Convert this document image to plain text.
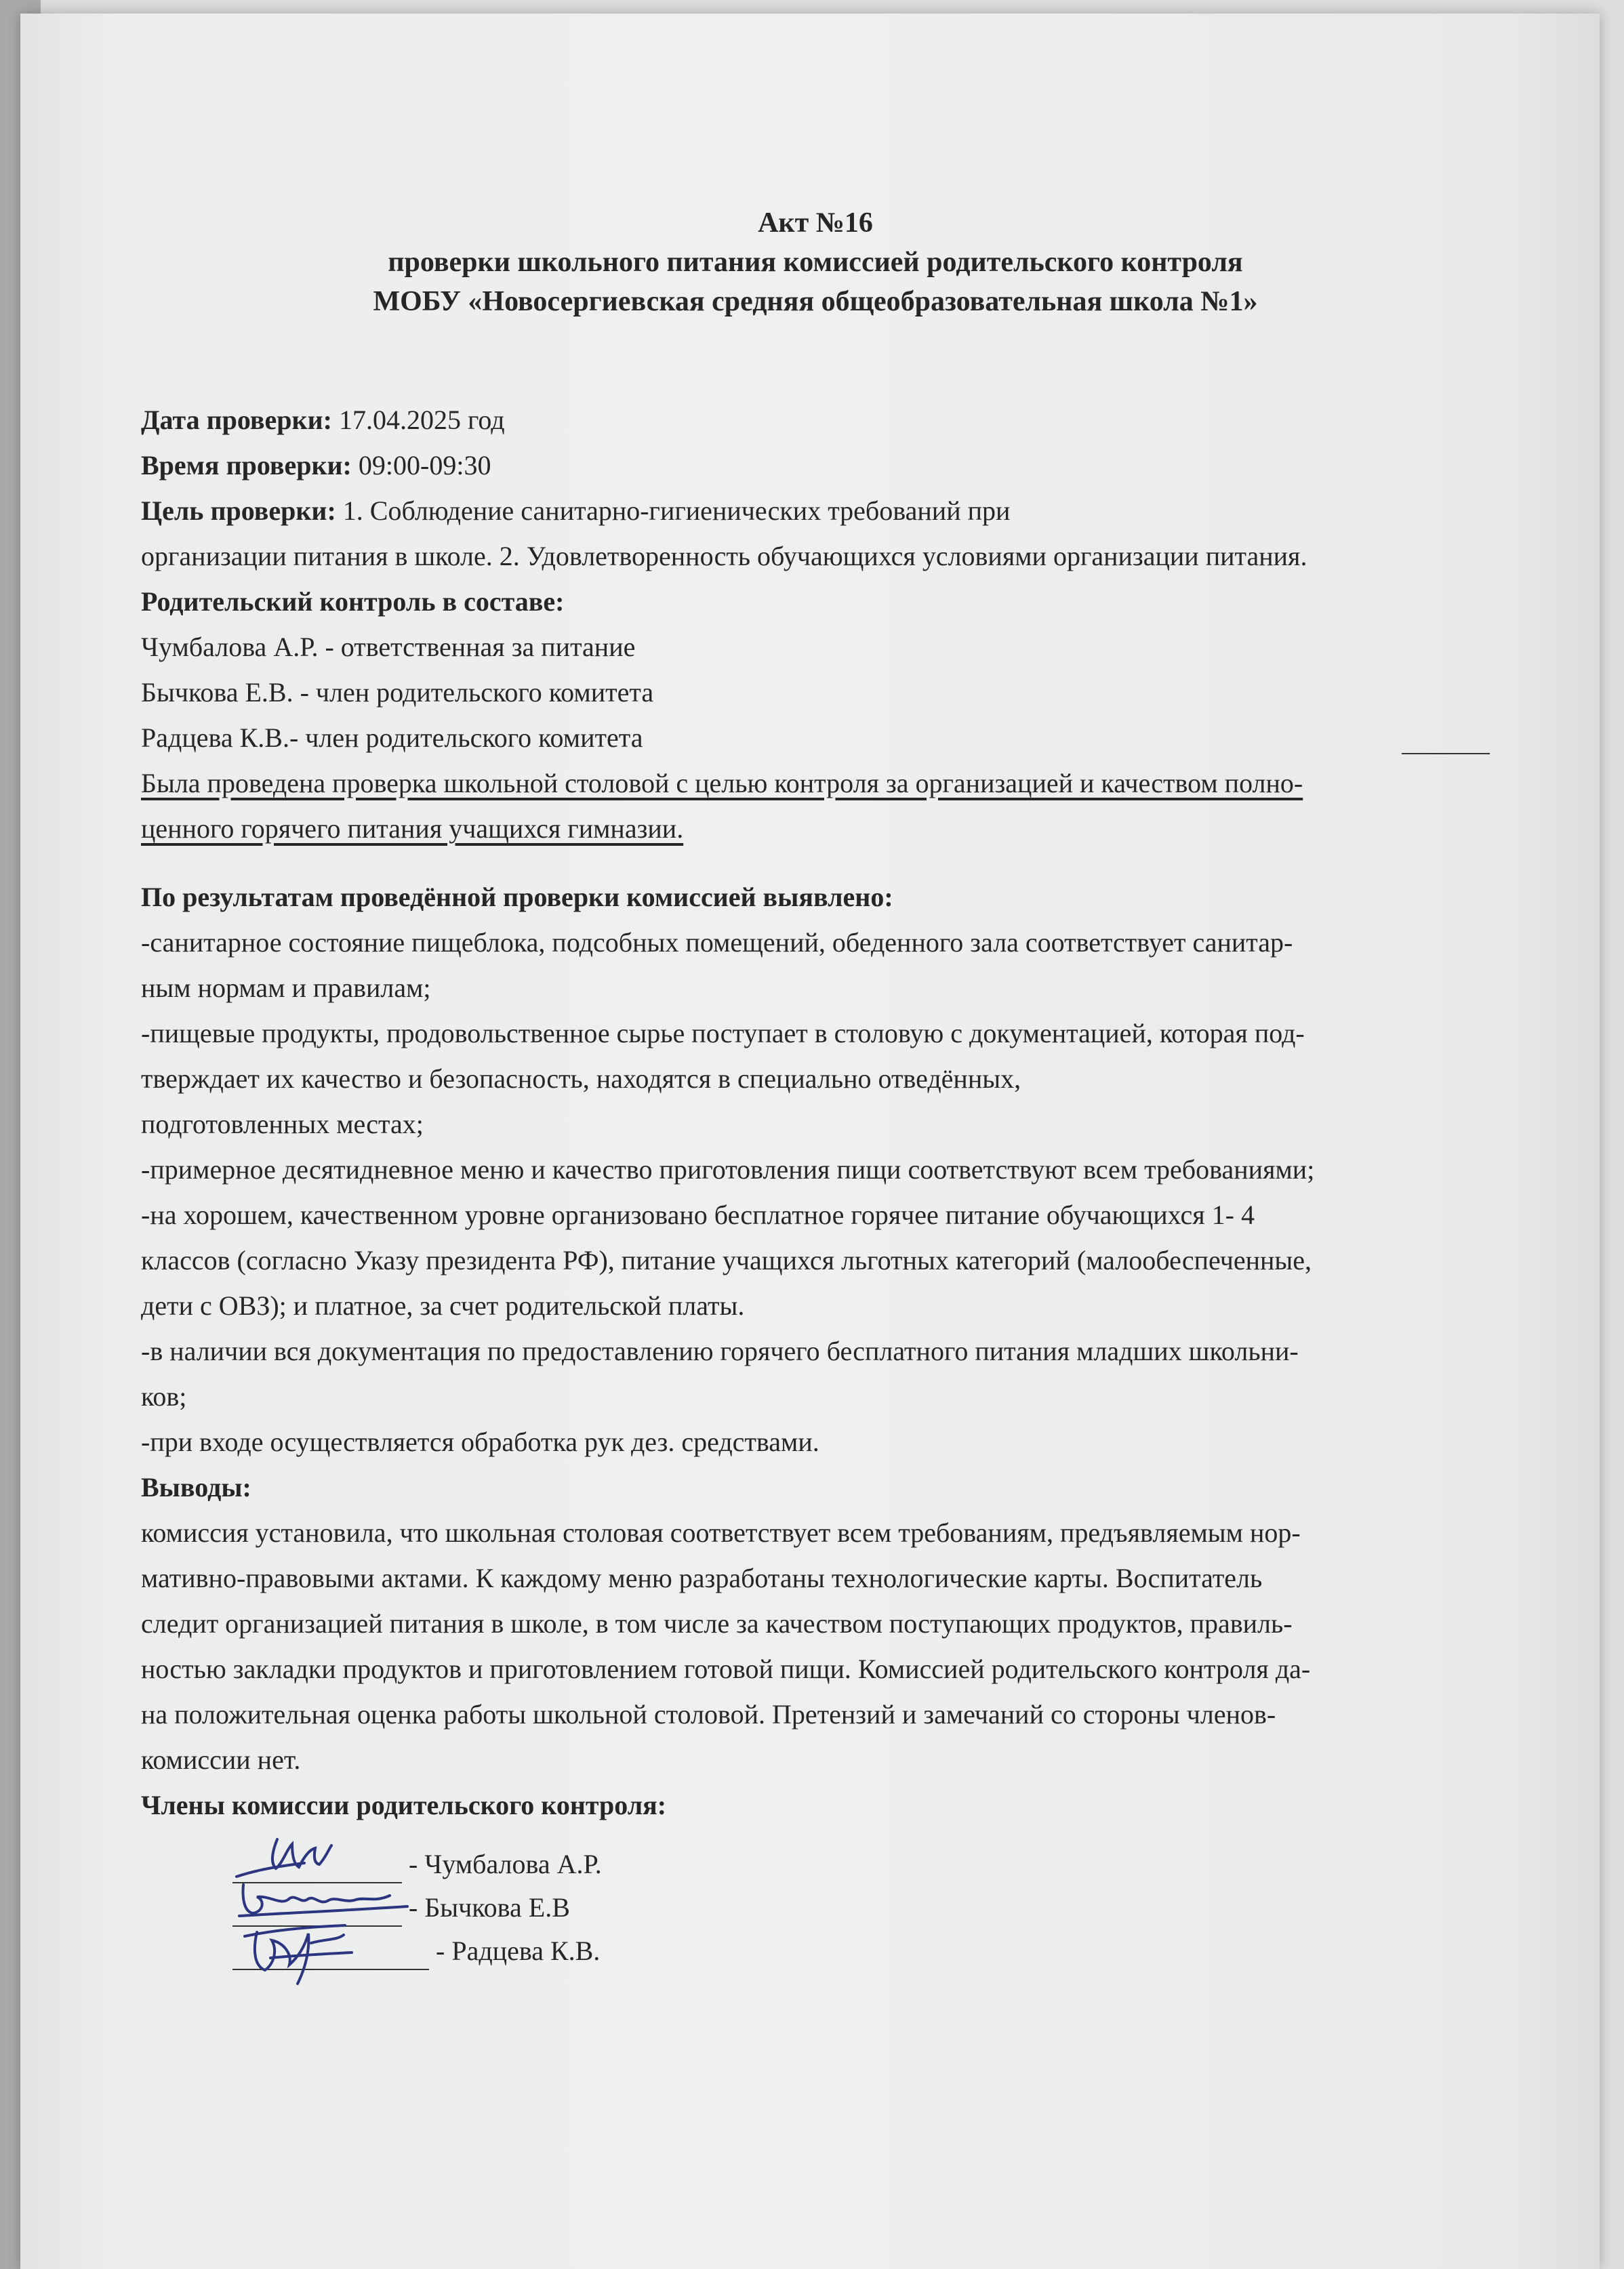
Акт №16
проверки школьного питания комиссией родительского контроля
МОБУ «Новосергиевская средняя общеобразовательная школа №1»
Дата проверки: 17.04.2025 год
Время проверки: 09:00-09:30
Цель проверки: 1. Соблюдение санитарно-гигиенических требований при
организации питания в школе. 2. Удовлетворенность обучающихся условиями организации питания.
Родительский контроль в составе:
Чумбалова А.Р. - ответственная за питание
Бычкова Е.В. - член родительского комитета
Радцева К.В.- член родительского комитета
Была проведена проверка школьной столовой с целью контроля за организацией и качеством полно-
ценного горячего питания учащихся гимназии.
По результатам проведённой проверки комиссией выявлено:
-санитарное состояние пищеблока, подсобных помещений, обеденного зала соответствует санитар-
ным нормам и правилам;
-пищевые продукты, продовольственное сырье поступает в столовую с документацией, которая под-
тверждает их качество и безопасность, находятся в специально отведённых,
подготовленных местах;
-примерное десятидневное меню и качество приготовления пищи соответствуют всем требованиями;
-на хорошем, качественном уровне организовано бесплатное горячее питание обучающихся 1- 4
классов (согласно Указу президента РФ), питание учащихся льготных категорий (малообеспеченные,
дети с ОВЗ); и платное, за счет родительской платы.
-в наличии вся документация по предоставлению горячего бесплатного питания младших школьни-
ков;
-при входе осуществляется обработка рук дез. средствами.
Выводы:
комиссия установила, что школьная столовая соответствует всем требованиям, предъявляемым нор-
мативно-правовыми актами. К каждому меню разработаны технологические карты. Воспитатель
следит организацией питания в школе, в том числе за качеством поступающих продуктов, правиль-
ностью закладки продуктов и приготовлением готовой пищи. Комиссией родительского контроля да-
на положительная оценка работы школьной столовой. Претензий и замечаний со стороны членов-
комиссии нет.
Члены комиссии родительского контроля:
- Чумбалова А.Р.
- Бычкова Е.В
- Радцева К.В.
